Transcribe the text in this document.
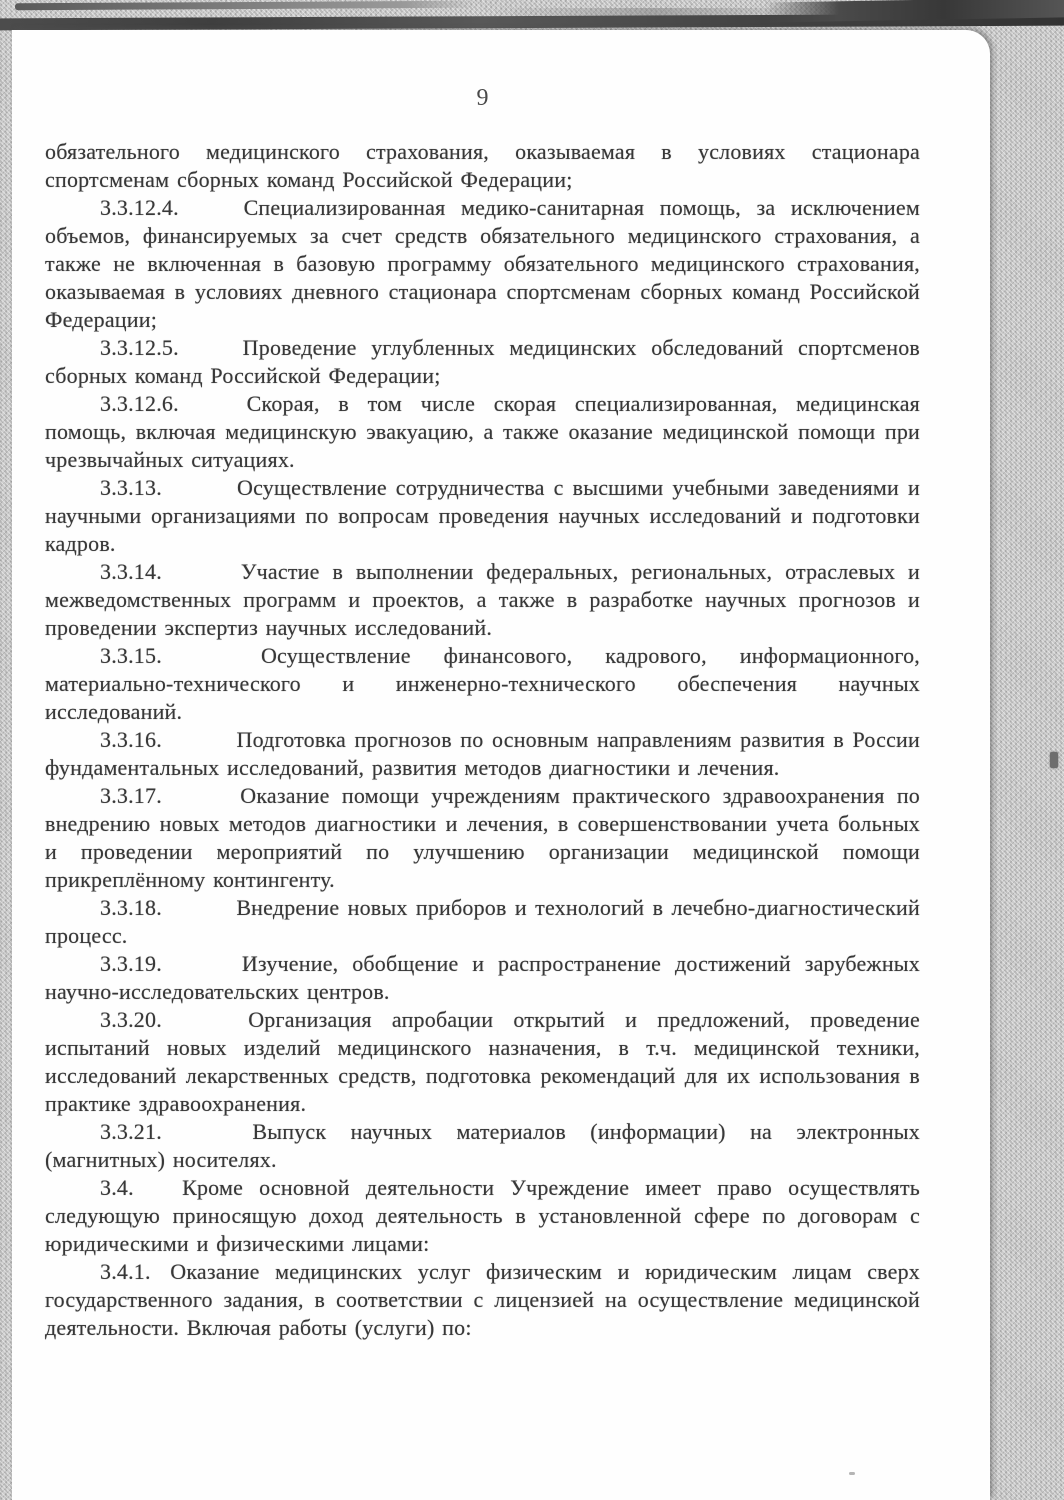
9

обязательного медицинского страхования, оказываемая в условиях стационара спортсменам сборных команд Российской Федерации;

3.3.12.4.	Специализированная медико-санитарная помощь, за исключением объемов, финансируемых за счет средств обязательного медицинского страхования, а также не включенная в базовую программу обязательного медицинского страхования, оказываемая в условиях дневного стационара спортсменам сборных команд Российской Федерации;

3.3.12.5.	Проведение углубленных медицинских обследований спортсменов сборных команд Российской Федерации;

3.3.12.6.	Скорая, в том числе скорая специализированная, медицинская помощь, включая медицинскую эвакуацию, а также оказание медицинской помощи при чрезвычайных ситуациях.

3.3.13.	Осуществление сотрудничества с высшими учебными заведениями и научными организациями по вопросам проведения научных исследований и подготовки кадров.

3.3.14.	Участие в выполнении федеральных, региональных, отраслевых и межведомственных программ и проектов, а также в разработке научных прогнозов и проведении экспертиз научных исследований.

3.3.15.	Осуществление финансового, кадрового, информационного, материально-технического и инженерно-технического обеспечения научных исследований.

3.3.16.	Подготовка прогнозов по основным направлениям развития в России фундаментальных исследований, развития методов диагностики и лечения.

3.3.17.	Оказание помощи учреждениям практического здравоохранения по внедрению новых методов диагностики и лечения, в совершенствовании учета больных и проведении мероприятий по улучшению организации медицинской помощи прикреплённому контингенту.

3.3.18.	Внедрение новых приборов и технологий в лечебно-диагностический процесс.

3.3.19.	Изучение, обобщение и распространение достижений зарубежных научно-исследовательских центров.

3.3.20.	Организация апробации открытий и предложений, проведение испытаний новых изделий медицинского назначения, в т.ч. медицинской техники, исследований лекарственных средств, подготовка рекомендаций для их использования в практике здравоохранения.

3.3.21.	Выпуск научных материалов (информации) на электронных (магнитных) носителях.

3.4. Кроме основной деятельности Учреждение имеет право осуществлять следующую приносящую доход деятельность в установленной сфере по договорам с юридическими и физическими лицами:

3.4.1. Оказание медицинских услуг физическим и юридическим лицам сверх государственного задания, в соответствии с лицензией на осуществление медицинской деятельности. Включая работы (услуги) по:
